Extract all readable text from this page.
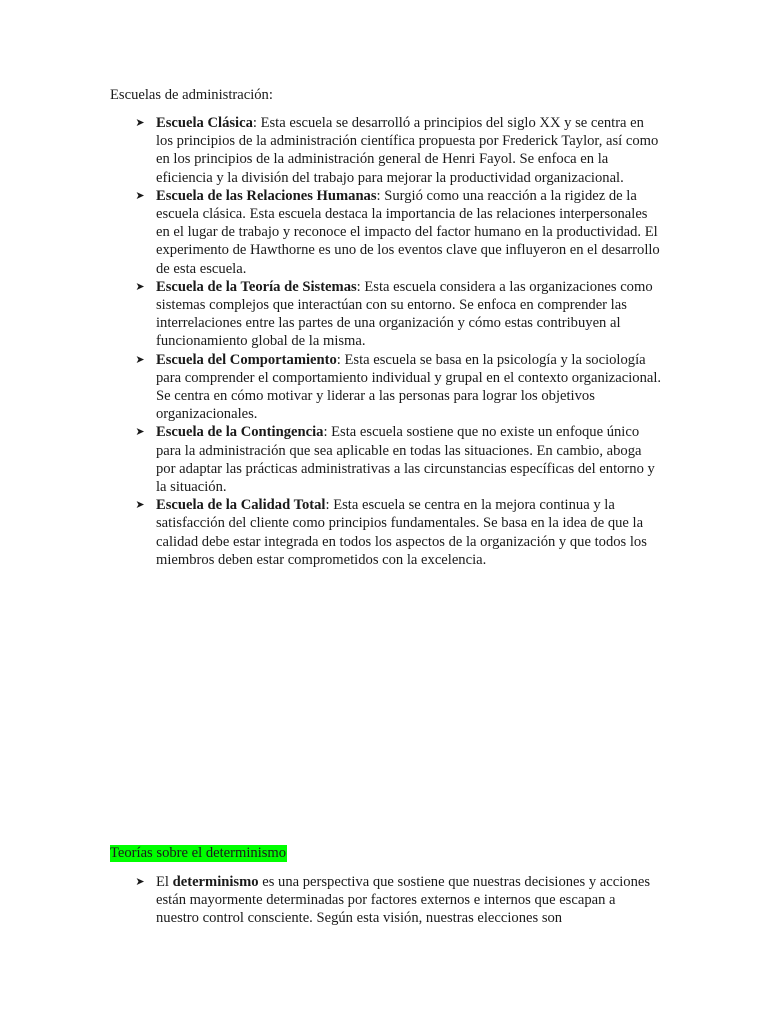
Escuelas de administración:

➤ Escuela Clásica: Esta escuela se desarrolló a principios del siglo XX y se centra en los principios de la administración científica propuesta por Frederick Taylor, así como en los principios de la administración general de Henri Fayol. Se enfoca en la eficiencia y la división del trabajo para mejorar la productividad organizacional.
➤ Escuela de las Relaciones Humanas: Surgió como una reacción a la rigidez de la escuela clásica. Esta escuela destaca la importancia de las relaciones interpersonales en el lugar de trabajo y reconoce el impacto del factor humano en la productividad. El experimento de Hawthorne es uno de los eventos clave que influyeron en el desarrollo de esta escuela.
➤ Escuela de la Teoría de Sistemas: Esta escuela considera a las organizaciones como sistemas complejos que interactúan con su entorno. Se enfoca en comprender las interrelaciones entre las partes de una organización y cómo estas contribuyen al funcionamiento global de la misma.
➤ Escuela del Comportamiento: Esta escuela se basa en la psicología y la sociología para comprender el comportamiento individual y grupal en el contexto organizacional. Se centra en cómo motivar y liderar a las personas para lograr los objetivos organizacionales.
➤ Escuela de la Contingencia: Esta escuela sostiene que no existe un enfoque único para la administración que sea aplicable en todas las situaciones. En cambio, aboga por adaptar las prácticas administrativas a las circunstancias específicas del entorno y la situación.
➤ Escuela de la Calidad Total: Esta escuela se centra en la mejora continua y la satisfacción del cliente como principios fundamentales. Se basa en la idea de que la calidad debe estar integrada en todos los aspectos de la organización y que todos los miembros deben estar comprometidos con la excelencia.

Teorías sobre el determinismo

➤ El determinismo es una perspectiva que sostiene que nuestras decisiones y acciones están mayormente determinadas por factores externos e internos que escapan a nuestro control consciente. Según esta visión, nuestras elecciones son
